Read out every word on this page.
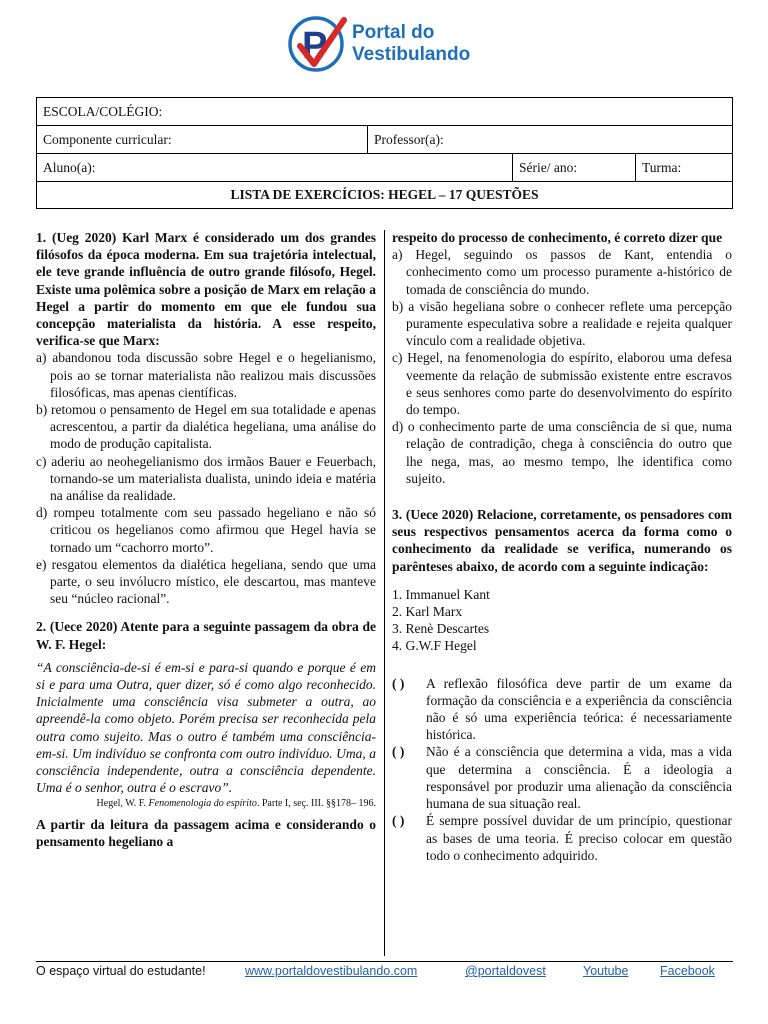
P Portal do
Vestibulando
ESCOLA/COLÉGIO:			
Componente curricular:	Professor(a):		
Aluno(a):		Série/ ano:	Turma:
LISTA DE EXERCÍCIOS: HEGEL – 17 QUESTÕES			

1. (Ueg 2020) Karl Marx é considerado um dos grandes filósofos da época moderna. Em sua trajetória intelectual, ele teve grande influência de outro grande filósofo, Hegel. Existe uma polêmica sobre a posição de Marx em relação a Hegel a partir do momento em que ele fundou sua concepção materialista da história. A esse respeito, verifica-se que Marx:

a) abandonou toda discussão sobre Hegel e o hegelianismo, pois ao se tornar materialista não realizou mais discussões filosóficas, mas apenas científicas.

b) retomou o pensamento de Hegel em sua totalidade e apenas acrescentou, a partir da dialética hegeliana, uma análise do modo de produção capitalista.

c) aderiu ao neohegelianismo dos irmãos Bauer e Feuerbach, tornando-se um materialista dualista, unindo ideia e matéria na análise da realidade.

d) rompeu totalmente com seu passado hegeliano e não só criticou os hegelianos como afirmou que Hegel havia se tornado um “cachorro morto”.

e) resgatou elementos da dialética hegeliana, sendo que uma parte, o seu invólucro místico, ele descartou, mas manteve seu “núcleo racional”.

2. (Uece 2020) Atente para a seguinte passagem da obra de W. F. Hegel:

“A consciência-de-si é em-si e para-si quando e porque é em si e para uma Outra, quer dizer, só é como algo reconhecido. Inicialmente uma consciência visa submeter a outra, ao apreendê-la como objeto. Porém precisa ser reconhecida pela outra como sujeito. Mas o outro é também uma consciência-em-si. Um indivíduo se confronta com outro indivíduo. Uma, a consciência independente, outra a consciência dependente. Uma é o senhor, outra é o escravo”.

Hegel, W. F. Fenomenologia do espírito. Parte I, seç. III. §§178– 196.

A partir da leitura da passagem acima e considerando o pensamento hegeliano a

respeito do processo de conhecimento, é correto dizer que

a) Hegel, seguindo os passos de Kant, entendia o conhecimento como um processo puramente a-histórico de tomada de consciência do mundo.

b) a visão hegeliana sobre o conhecer reflete uma percepção puramente especulativa sobre a realidade e rejeita qualquer vínculo com a realidade objetiva.

c) Hegel, na fenomenologia do espírito, elaborou uma defesa veemente da relação de submissão existente entre escravos e seus senhores como parte do desenvolvimento do espírito do tempo.

d) o conhecimento parte de uma consciência de si que, numa relação de contradição, chega à consciência do outro que lhe nega, mas, ao mesmo tempo, lhe identifica como sujeito.

3. (Uece 2020) Relacione, corretamente, os pensadores com seus respectivos pensamentos acerca da forma como o conhecimento da realidade se verifica, numerando os parênteses abaixo, de acordo com a seguinte indicação:

1. Immanuel Kant

2. Karl Marx

3. Renè Descartes

4. G.W.F Hegel

( ) A reflexão filosófica deve partir de um exame da formação da consciência e a experiência da consciência não é só uma experiência teórica: é necessariamente histórica.

( ) Não é a consciência que determina a vida, mas a vida que determina a consciência. É a ideologia a responsável por produzir uma alienação da consciência humana de sua situação real.

( ) É sempre possível duvidar de um princípio, questionar as bases de uma teoria. É preciso colocar em questão todo o conhecimento adquirido.

O espaço virtual do estudante!	www.portaldovestibulando.com	@portaldovest	Youtube	Facebook
